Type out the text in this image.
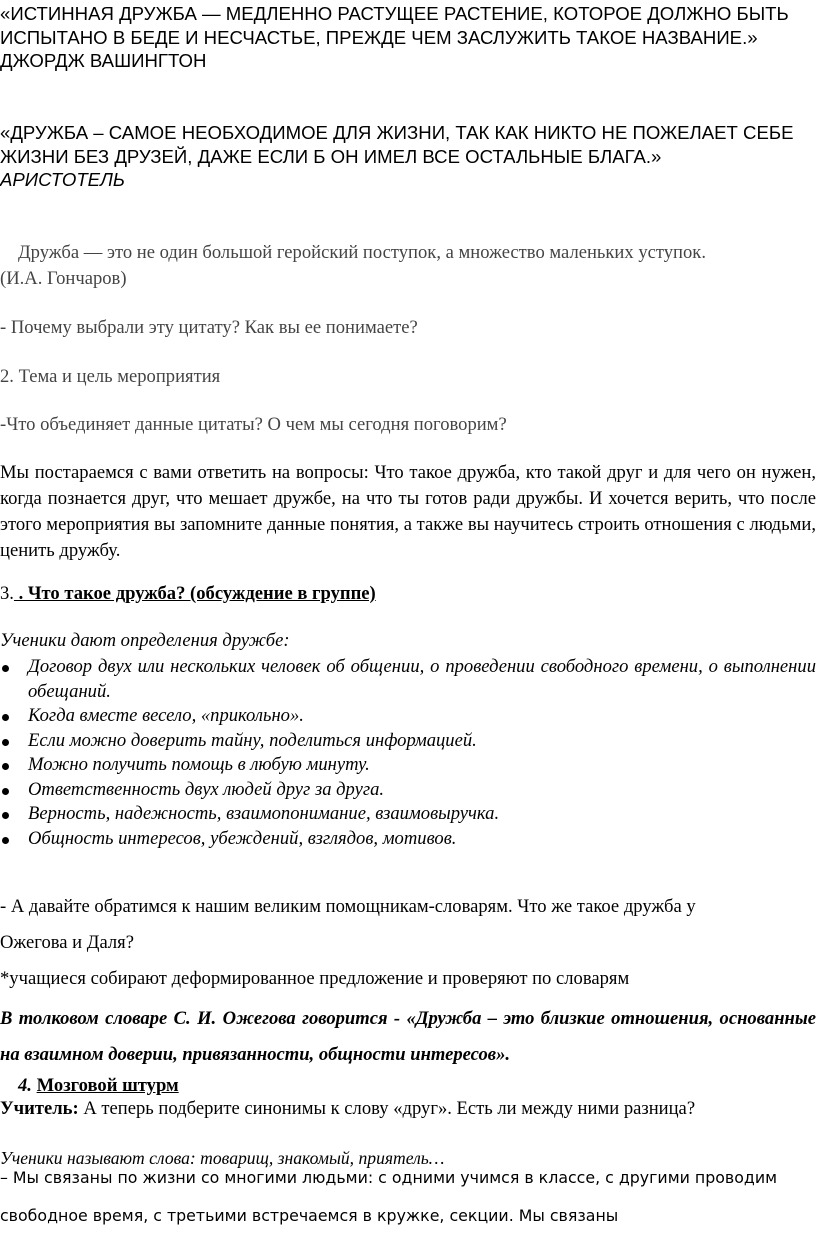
«ИСТИННАЯ ДРУЖБА — МЕДЛЕННО РАСТУЩЕЕ РАСТЕНИЕ, КОТОРОЕ ДОЛЖНО БЫТЬ ИСПЫТАНО В БЕДЕ И НЕСЧАСТЬЕ, ПРЕЖДЕ ЧЕМ ЗАСЛУЖИТЬ ТАКОЕ НАЗВАНИЕ.»
ДЖОРДЖ ВАШИНГТОН
«ДРУЖБА – САМОЕ НЕОБХОДИМОЕ ДЛЯ ЖИЗНИ, ТАК КАК НИКТО НЕ ПОЖЕЛАЕТ СЕБЕ ЖИЗНИ БЕЗ ДРУЗЕЙ, ДАЖЕ ЕСЛИ Б ОН ИМЕЛ ВСЕ ОСТАЛЬНЫЕ БЛАГА.»
АРИСТОТЕЛЬ
Дружба — это не один большой геройский поступок, а множество маленьких уступок.
(И.А. Гончаров)

- Почему выбрали эту цитату? Как вы ее понимаете?

2. Тема и цель мероприятия

-Что объединяет данные цитаты? О чем мы сегодня поговорим?

Мы постараемся с вами ответить на вопросы: Что такое дружба, кто такой друг и для чего он нужен, когда познается друг, что мешает дружбе, на что ты готов ради дружбы. И хочется верить, что после этого мероприятия вы запомните данные понятия, а также вы научитесь строить отношения с людьми, ценить дружбу.

3. . Что такое дружба? (обсуждение в группе)

Ученики дают определения дружбе:

Договор двух или нескольких человек об общении, о проведении свободного времени, о выполнении обещаний.
Когда вместе весело, «прикольно».
Если можно доверить тайну, поделиться информацией.
Можно получить помощь в любую минуту.
Ответственность двух людей друг за друга.
Верность, надежность, взаимопонимание, взаимовыручка.
Общность интересов, убеждений, взглядов, мотивов.

- А давайте обратимся к нашим великим помощникам-словарям. Что же такое дружба у

Ожегова и Даля?

*учащиеся собирают деформированное предложение и проверяют по словарям

В толковом словаре С. И. Ожегова говорится - «Дружба – это близкие отношения, основанные на взаимном доверии, привязанности, общности интересов».

4. Мозговой штурм

Учитель: А теперь подберите синонимы к слову «друг». Есть ли между ними разница?

Ученики называют слова: товарищ, знакомый, приятель…

– Мы связаны по жизни со многими людьми: с одними учимся в классе, с другими проводим

свободное время, с третьими встречаемся в кружке, секции. Мы связаны
